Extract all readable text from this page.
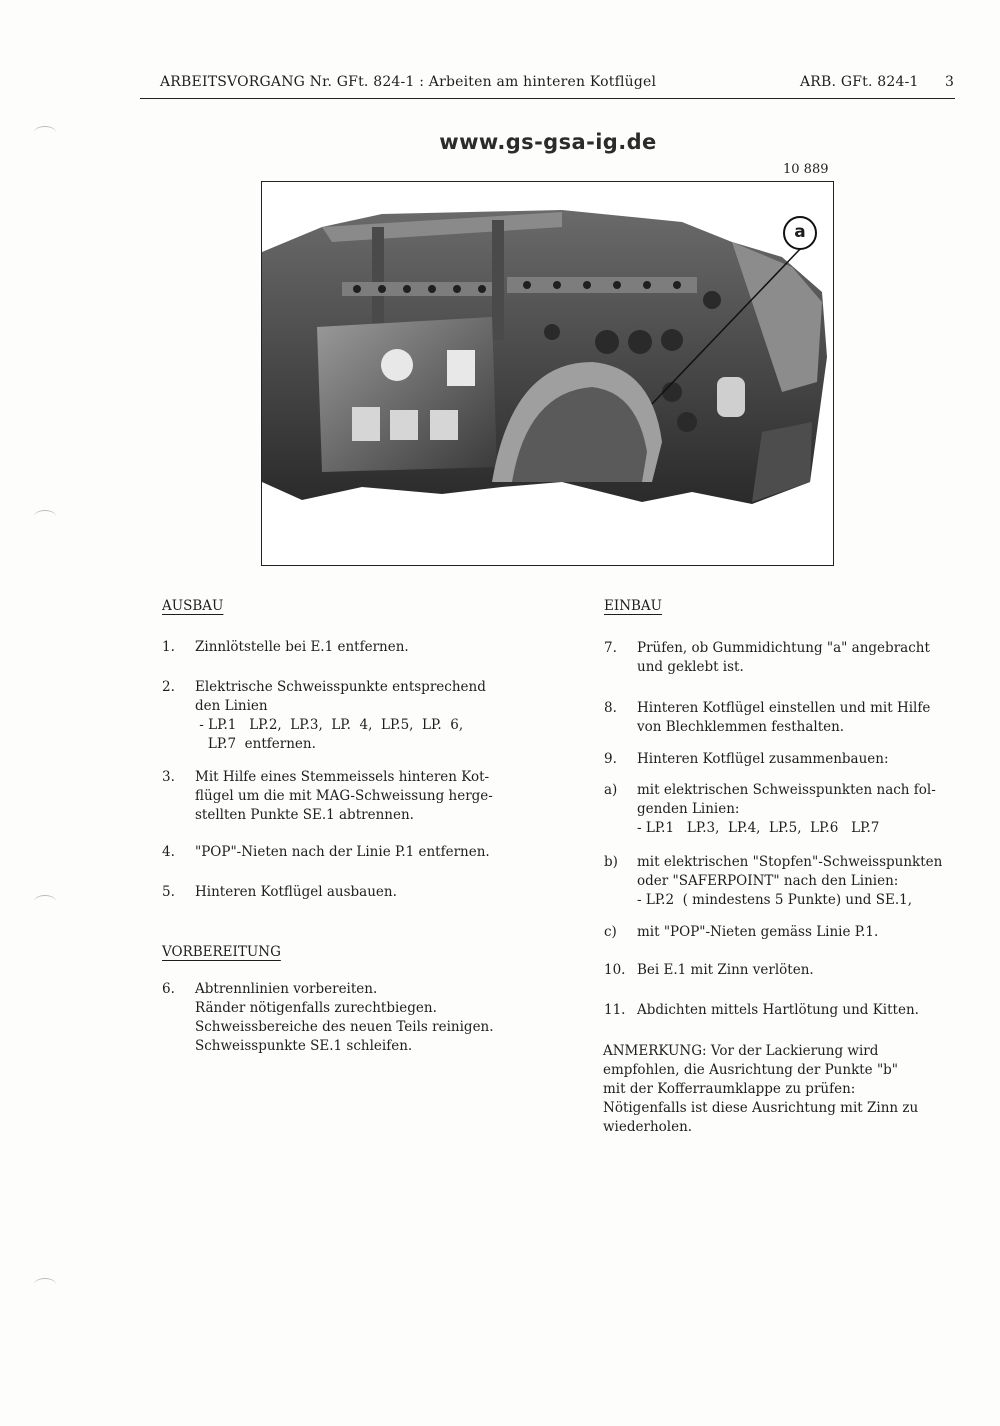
ARBEITSVORGANG Nr. GFt. 824-1 : Arbeiten am hinteren Kotflügel	ARB. GFt. 824-1 3
www.gs-gsa-ig.de
10 889
a
AUSBAU
1. Zinnlötstelle bei E.1 entfernen.
2. Elektrische Schweisspunkte entsprechend
den Linien
- LP.1   LP.2,  LP.3,  LP.  4,  LP.5,  LP.  6,
LP.7  entfernen.
3. Mit Hilfe eines Stemmeissels hinteren Kot-
flügel um die mit MAG-Schweissung herge-
stellten Punkte SE.1 abtrennen.
4. "POP"-Nieten nach der Linie P.1 entfernen.
5. Hinteren Kotflügel ausbauen.
VORBEREITUNG
6. Abtrennlinien vorbereiten.
Ränder nötigenfalls zurechtbiegen.
Schweissbereiche des neuen Teils reinigen.
Schweisspunkte SE.1 schleifen.
EINBAU
7. Prüfen, ob Gummidichtung "a" angebracht
und geklebt ist.
8. Hinteren Kotflügel einstellen und mit Hilfe
von Blechklemmen festhalten.
9. Hinteren Kotflügel zusammenbauen:
a) mit elektrischen Schweisspunkten nach fol-
genden Linien:
- LP.1   LP.3,  LP.4,  LP.5,  LP.6   LP.7
b) mit elektrischen "Stopfen"-Schweisspunkten
oder "SAFERPOINT" nach den Linien:
- LP.2  ( mindestens 5 Punkte) und SE.1,
c) mit "POP"-Nieten gemäss Linie P.1.
10. Bei E.1 mit Zinn verlöten.
11. Abdichten mittels Hartlötung und Kitten.
ANMERKUNG: Vor der Lackierung wird
empfohlen, die Ausrichtung der Punkte "b"
mit der Kofferraumklappe zu prüfen:
Nötigenfalls ist diese Ausrichtung mit Zinn zu
wiederholen.
